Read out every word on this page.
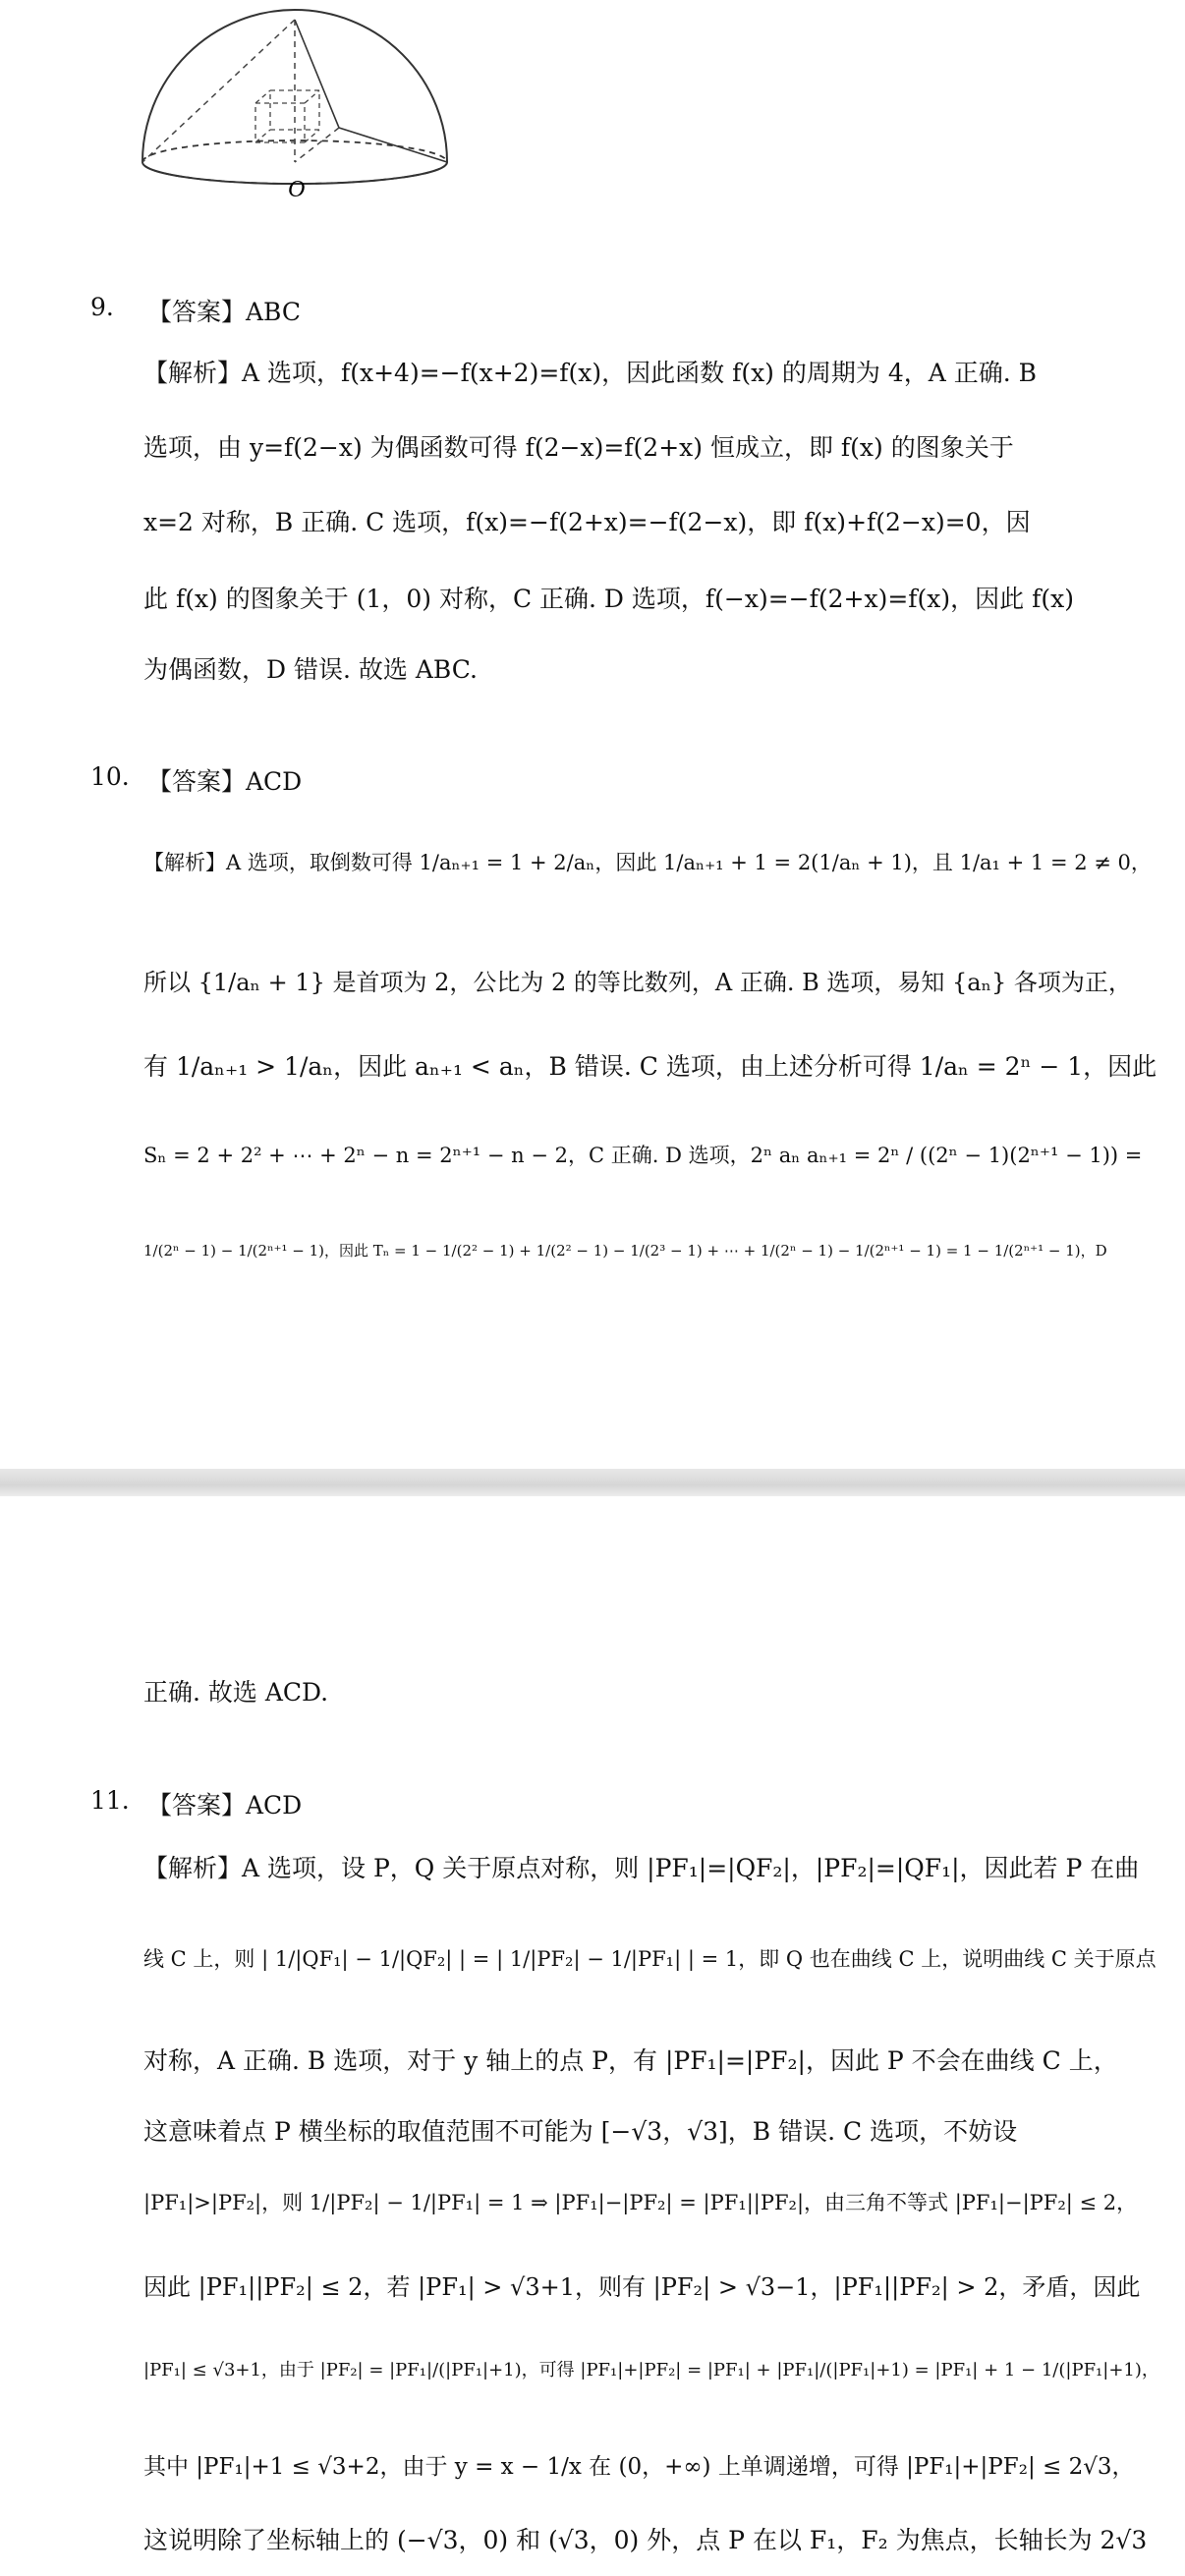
O
9. 【答案】ABC
【解析】A 选项，f(x+4)=−f(x+2)=f(x)，因此函数 f(x) 的周期为 4，A 正确. B
选项，由 y=f(2−x) 为偶函数可得 f(2−x)=f(2+x) 恒成立，即 f(x) 的图象关于
x=2 对称，B 正确. C 选项，f(x)=−f(2+x)=−f(2−x)，即 f(x)+f(2−x)=0，因
此 f(x) 的图象关于 (1，0) 对称，C 正确. D 选项，f(−x)=−f(2+x)=f(x)，因此 f(x)
为偶函数，D 错误. 故选 ABC.
10. 【答案】ACD
【解析】A 选项，取倒数可得 1/aₙ₊₁ = 1 + 2/aₙ，因此 1/aₙ₊₁ + 1 = 2(1/aₙ + 1)，且 1/a₁ + 1 = 2 ≠ 0，
所以 {1/aₙ + 1} 是首项为 2，公比为 2 的等比数列，A 正确. B 选项，易知 {aₙ} 各项为正，
有 1/aₙ₊₁ > 1/aₙ，因此 aₙ₊₁ < aₙ，B 错误. C 选项，由上述分析可得 1/aₙ = 2ⁿ − 1，因此
Sₙ = 2 + 2² + ⋯ + 2ⁿ − n = 2ⁿ⁺¹ − n − 2，C 正确. D 选项，2ⁿ aₙ aₙ₊₁ = 2ⁿ / ((2ⁿ − 1)(2ⁿ⁺¹ − 1)) =
1/(2ⁿ − 1) − 1/(2ⁿ⁺¹ − 1)，因此 Tₙ = 1 − 1/(2² − 1) + 1/(2² − 1) − 1/(2³ − 1) + ⋯ + 1/(2ⁿ − 1) − 1/(2ⁿ⁺¹ − 1) = 1 − 1/(2ⁿ⁺¹ − 1)，D
正确. 故选 ACD.
11. 【答案】ACD
【解析】A 选项，设 P，Q 关于原点对称，则 |PF₁|=|QF₂|，|PF₂|=|QF₁|，因此若 P 在曲
线 C 上，则 | 1/|QF₁| − 1/|QF₂| | = | 1/|PF₂| − 1/|PF₁| | = 1，即 Q 也在曲线 C 上，说明曲线 C 关于原点
对称，A 正确. B 选项，对于 y 轴上的点 P，有 |PF₁|=|PF₂|，因此 P 不会在曲线 C 上，
这意味着点 P 横坐标的取值范围不可能为 [−√3，√3]，B 错误. C 选项，不妨设
|PF₁|>|PF₂|，则 1/|PF₂| − 1/|PF₁| = 1 ⇒ |PF₁|−|PF₂| = |PF₁||PF₂|，由三角不等式 |PF₁|−|PF₂| ≤ 2，
因此 |PF₁||PF₂| ≤ 2，若 |PF₁| > √3+1，则有 |PF₂| > √3−1，|PF₁||PF₂| > 2，矛盾，因此
|PF₁| ≤ √3+1，由于 |PF₂| = |PF₁|/(|PF₁|+1)，可得 |PF₁|+|PF₂| = |PF₁| + |PF₁|/(|PF₁|+1) = |PF₁| + 1 − 1/(|PF₁|+1)，
其中 |PF₁|+1 ≤ √3+2，由于 y = x − 1/x 在 (0，+∞) 上单调递增，可得 |PF₁|+|PF₂| ≤ 2√3，
这说明除了坐标轴上的 (−√3，0) 和 (√3，0) 外，点 P 在以 F₁，F₂ 为焦点，长轴长为 2√3
